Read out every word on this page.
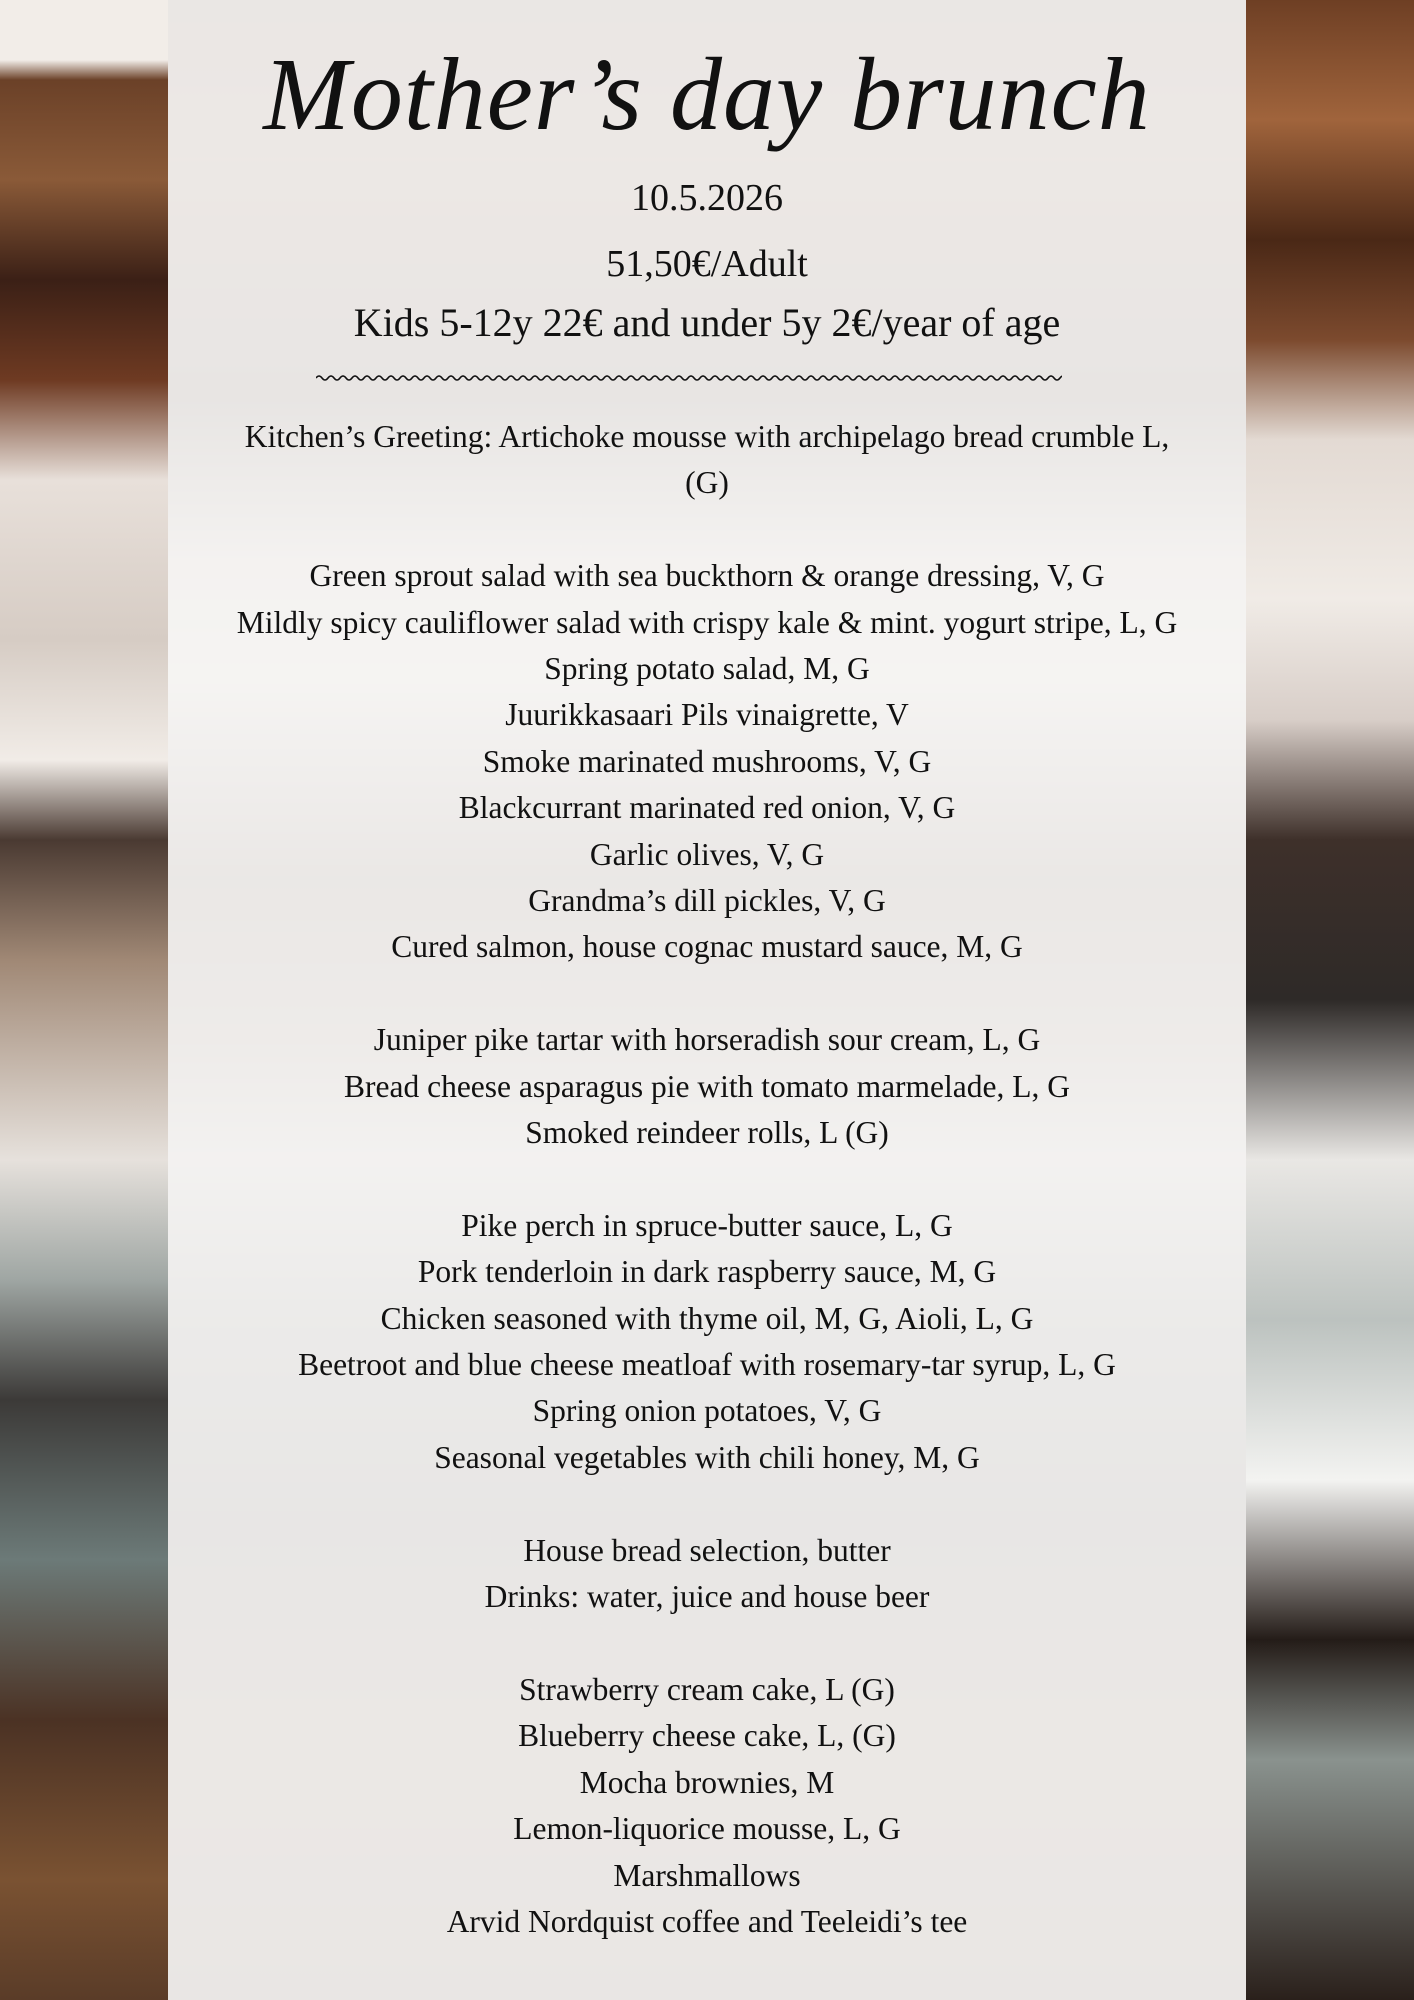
Mother’s day brunch
10.5.2026
51,50€/Adult
Kids 5-12y 22€ and under 5y 2€/year of age
Kitchen’s Greeting: Artichoke mousse with archipelago bread crumble L,
(G)
Green sprout salad with sea buckthorn & orange dressing, V, G
Mildly spicy cauliflower salad with crispy kale & mint. yogurt stripe, L, G
Spring potato salad, M, G
Juurikkasaari Pils vinaigrette, V
Smoke marinated mushrooms, V, G
Blackcurrant marinated red onion, V, G
Garlic olives, V, G
Grandma’s dill pickles, V, G
Cured salmon, house cognac mustard sauce, M, G
Juniper pike tartar with horseradish sour cream, L, G
Bread cheese asparagus pie with tomato marmelade, L, G
Smoked reindeer rolls, L (G)
Pike perch in spruce-butter sauce, L, G
Pork tenderloin in dark raspberry sauce, M, G
Chicken seasoned with thyme oil, M, G, Aioli, L, G
Beetroot and blue cheese meatloaf with rosemary-tar syrup, L, G
Spring onion potatoes, V, G
Seasonal vegetables with chili honey, M, G
House bread selection, butter
Drinks: water, juice and house beer
Strawberry cream cake, L (G)
Blueberry cheese cake, L, (G)
Mocha brownies, M
Lemon-liquorice mousse, L, G
Marshmallows
Arvid Nordquist coffee and Teeleidi’s tee
